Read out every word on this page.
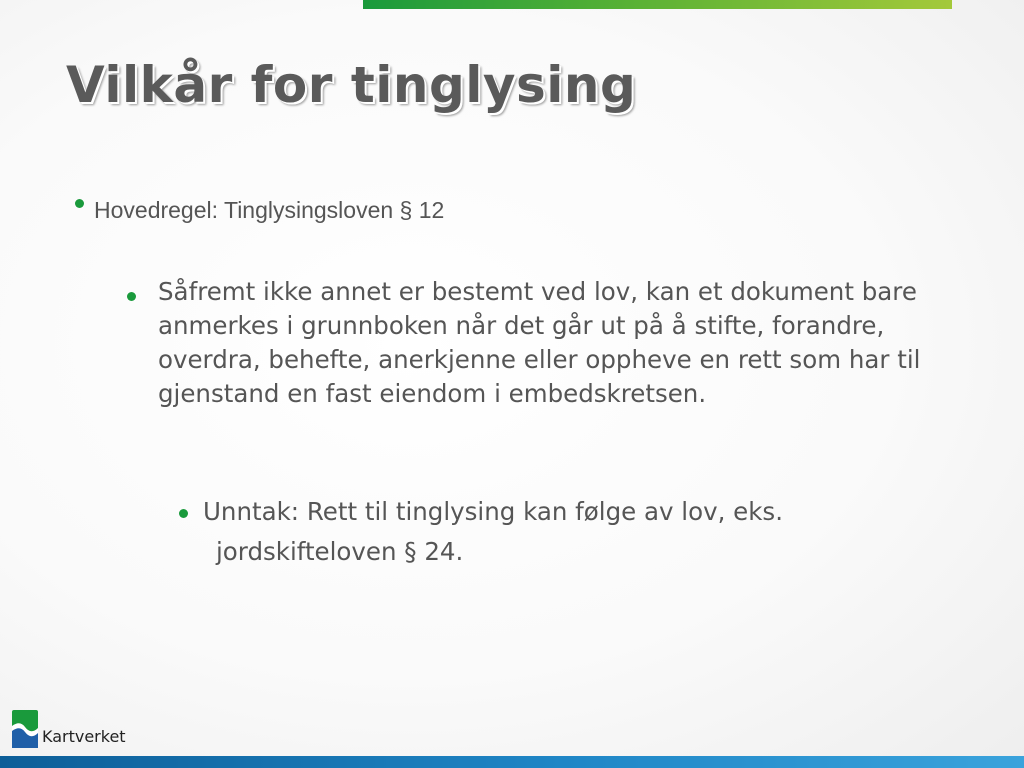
Vilkår for tinglysing
Hovedregel: Tinglysingsloven § 12
Såfremt ikke annet er bestemt ved lov, kan et dokument bare anmerkes i grunnboken når det går ut på å stifte, forandre, overdra, behefte, anerkjenne eller oppheve en rett som har til gjenstand en fast eiendom i embedskretsen.
Unntak: Rett til tinglysing kan følge av lov, eks.
jordskifteloven § 24.
Kartverket
